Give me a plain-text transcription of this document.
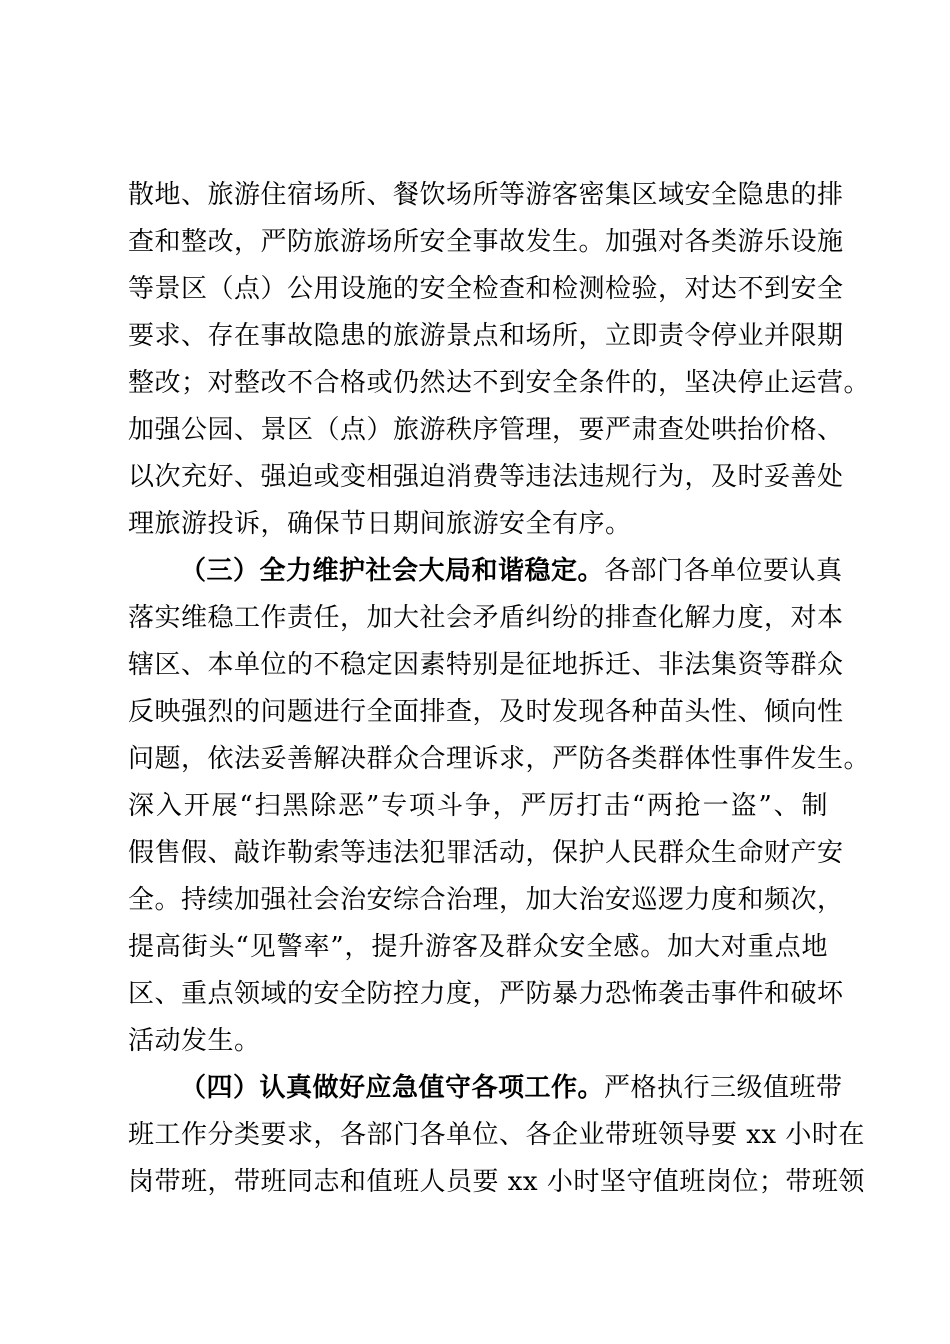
散地、旅游住宿场所、餐饮场所等游客密集区域安全隐患的排
查和整改，严防旅游场所安全事故发生。加强对各类游乐设施
等景区（点）公用设施的安全检查和检测检验，对达不到安全
要求、存在事故隐患的旅游景点和场所，立即责令停业并限期
整改；对整改不合格或仍然达不到安全条件的，坚决停止运营。
加强公园、景区（点）旅游秩序管理，要严肃查处哄抬价格、
以次充好、强迫或变相强迫消费等违法违规行为，及时妥善处
理旅游投诉，确保节日期间旅游安全有序。
（三）全力维护社会大局和谐稳定。各部门各单位要认真
落实维稳工作责任，加大社会矛盾纠纷的排查化解力度，对本
辖区、本单位的不稳定因素特别是征地拆迁、非法集资等群众
反映强烈的问题进行全面排查，及时发现各种苗头性、倾向性
问题，依法妥善解决群众合理诉求，严防各类群体性事件发生。
深入开展“扫黑除恶”专项斗争，严厉打击“两抢一盗”、制
假售假、敲诈勒索等违法犯罪活动，保护人民群众生命财产安
全。持续加强社会治安综合治理，加大治安巡逻力度和频次，
提高街头“见警率”，提升游客及群众安全感。加大对重点地
区、重点领域的安全防控力度，严防暴力恐怖袭击事件和破坏
活动发生。
（四）认真做好应急值守各项工作。严格执行三级值班带
班工作分类要求，各部门各单位、各企业带班领导要 xx 小时在
岗带班，带班同志和值班人员要 xx 小时坚守值班岗位；带班领
